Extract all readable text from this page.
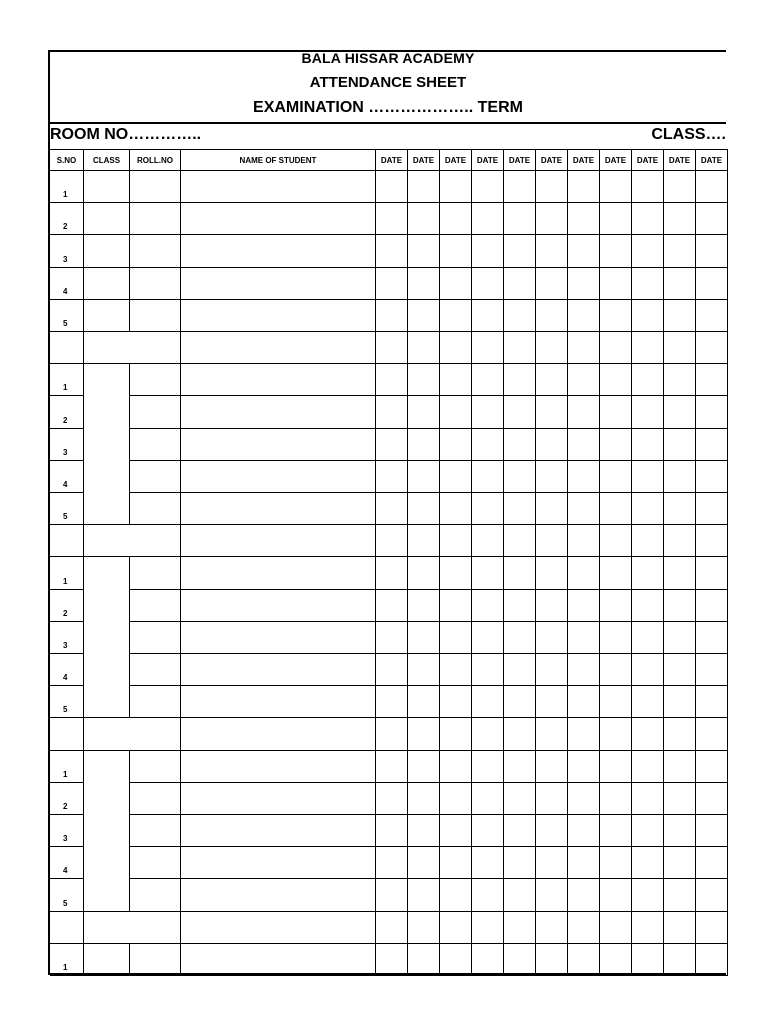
BALA HISSAR ACADEMY
ATTENDANCE SHEET
EXAMINATION ……………….. TERM
ROOM NO…………..	CLASS….
S.NO	CLASS	ROLL.NO	NAME OF STUDENT	DATE	DATE	DATE	DATE	DATE	DATE	DATE	DATE	DATE	DATE	DATE
1
2
3
4
5
1
2
3
4
5
1
2
3
4
5
1
2
3
4
5
1
